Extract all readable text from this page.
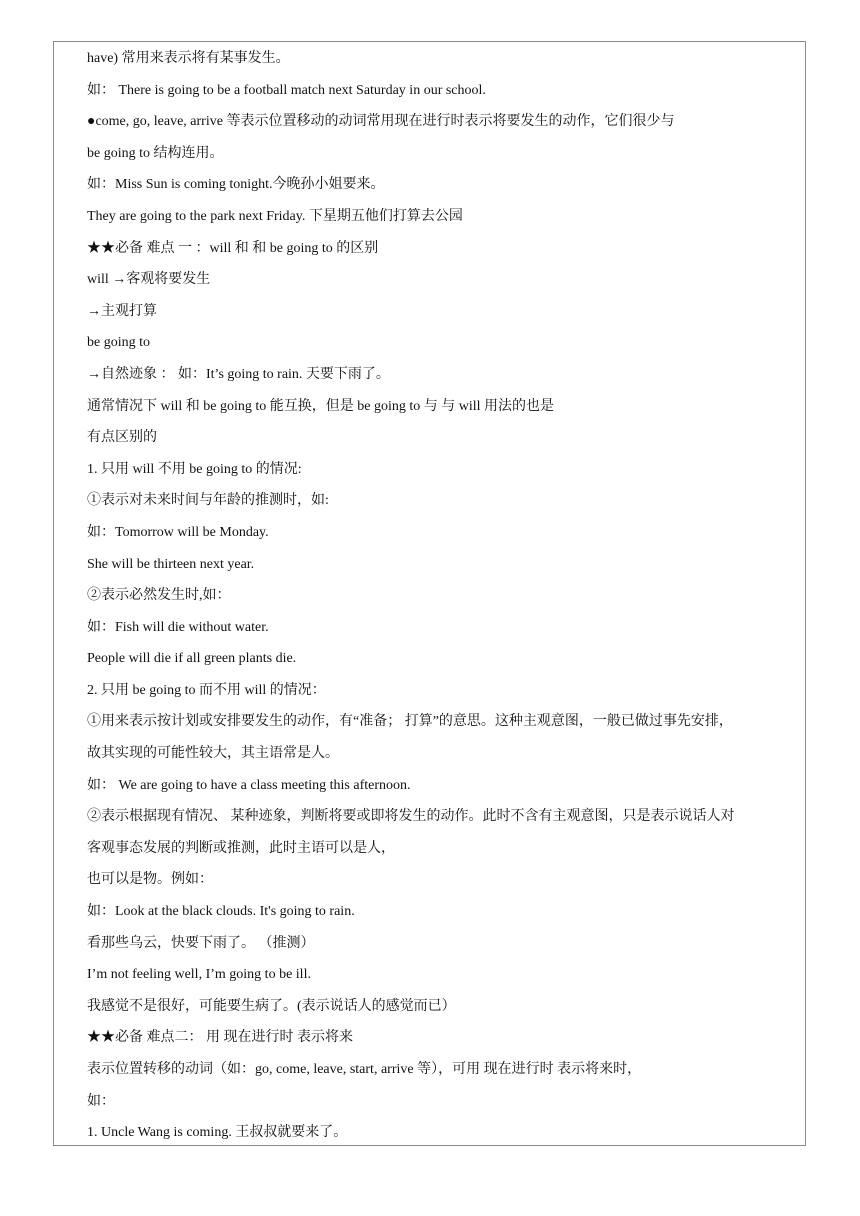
have) 常用来表示将有某事发生。
如： There is going to be a football match next Saturday in our school.
●come, go, leave, arrive 等表示位置移动的动词常用现在进行时表示将要发生的动作，它们很少与
be going to 结构连用。
如：Miss Sun is coming tonight.今晚孙小姐要来。
They are going to the park next Friday. 下星期五他们打算去公园
★★必备 难点 一 ：will 和 和 be going to 的区别
will →客观将要发生
→主观打算
be going to
→自然迹象 ： 如：It’s going to rain. 天要下雨了。
通常情况下 will 和 be going to 能互换，但是 be going to 与 与 will 用法的也是
有点区别的
1. 只用 will 不用 be going to 的情况:
①表示对未来时间与年龄的推测时，如:
如：Tomorrow will be Monday.
She will be thirteen next year.
②表示必然发生时,如：
如：Fish will die without water.
People will die if all green plants die.
2. 只用 be going to 而不用 will 的情况：
①用来表示按计划或安排要发生的动作，有“准备； 打算”的意思。这种主观意图，一般已做过事先安排，
故其实现的可能性较大，其主语常是人。
如： We are going to have a class meeting this afternoon.
②表示根据现有情况、 某种迹象，判断将要或即将发生的动作。此时不含有主观意图，只是表示说话人对
客观事态发展的判断或推测，此时主语可以是人，
也可以是物。例如：
如：Look at the black clouds. It's going to rain.
看那些乌云，快要下雨了。 （推测）
I’m not feeling well, I’m going to be ill.
我感觉不是很好，可能要生病了。(表示说话人的感觉而已）
★★必备 难点二： 用 现在进行时 表示将来
表示位置转移的动词（如：go, come, leave, start, arrive 等），可用 现在进行时 表示将来时，
如：
1. Uncle Wang is coming. 王叔叔就要来了。
